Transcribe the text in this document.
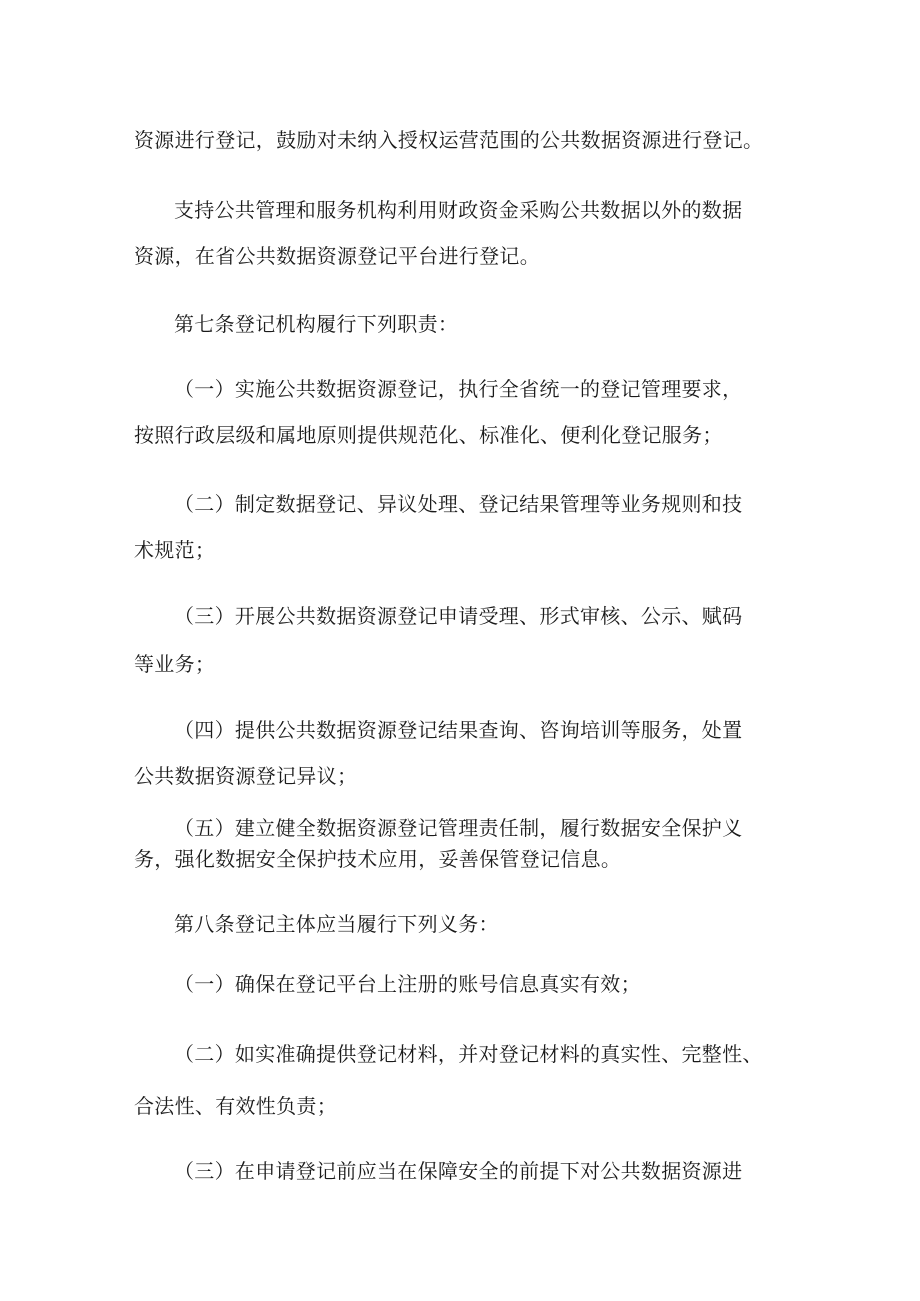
资源进行登记，鼓励对未纳入授权运营范围的公共数据资源进行登记。
支持公共管理和服务机构利用财政资金采购公共数据以外的数据
资源，在省公共数据资源登记平台进行登记。
第七条登记机构履行下列职责：
（一）实施公共数据资源登记，执行全省统一的登记管理要求，
按照行政层级和属地原则提供规范化、标准化、便利化登记服务；
（二）制定数据登记、异议处理、登记结果管理等业务规则和技
术规范；
（三）开展公共数据资源登记申请受理、形式审核、公示、赋码
等业务；
（四）提供公共数据资源登记结果查询、咨询培训等服务，处置
公共数据资源登记异议；
（五）建立健全数据资源登记管理责任制，履行数据安全保护义
务，强化数据安全保护技术应用，妥善保管登记信息。
第八条登记主体应当履行下列义务：
（一）确保在登记平台上注册的账号信息真实有效；
（二）如实准确提供登记材料，并对登记材料的真实性、完整性、
合法性、有效性负责；
（三）在申请登记前应当在保障安全的前提下对公共数据资源进
